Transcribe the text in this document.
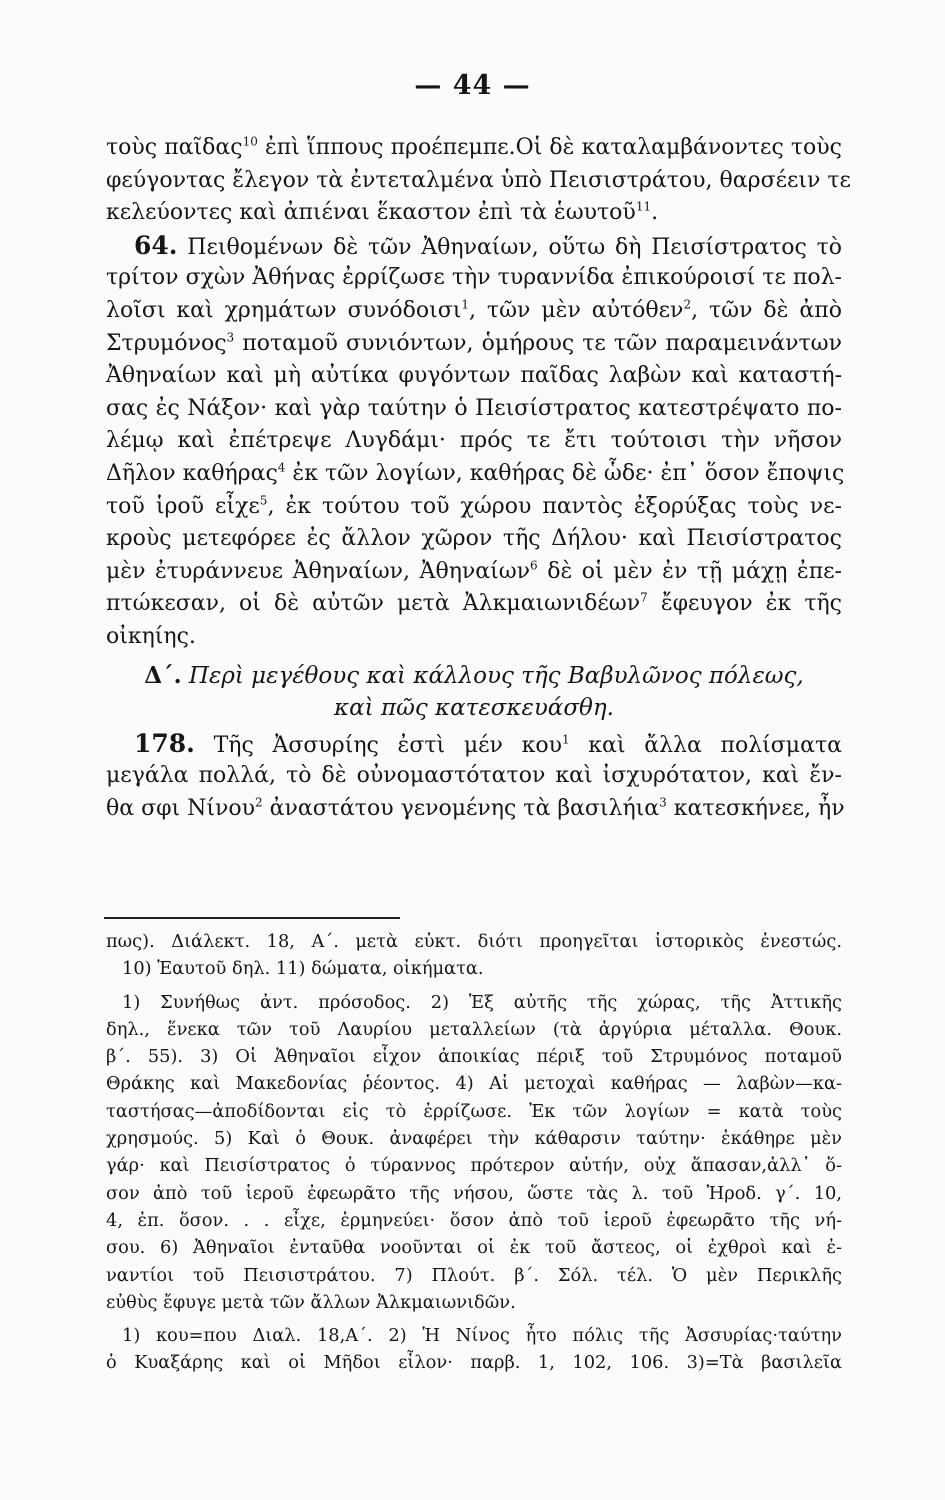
— 44 —
τοὺς παῖδας$^{10}$ ἐπὶ ἵππους προέπεμπε.Οἱ δὲ καταλαμβάνοντες τοὺς
φεύγοντας ἔλεγον τὰ ἐντεταλμένα ὑπὸ Πεισιστράτου, θαρσέειν τε
κελεύοντες καὶ ἀπιέναι ἕκαστον ἐπὶ τὰ ἑωυτοῦ$^{11}$.
64. Πειθομένων δὲ τῶν Ἀθηναίων, οὕτω δὴ Πεισίστρατος τὸ
τρίτον σχὼν Ἀθήνας ἐρρίζωσε τὴν τυραννίδα ἐπικούροισί τε πολ-
λοῖσι καὶ χρημάτων συνόδοισι$^1$, τῶν μὲν αὐτόθεν$^2$, τῶν δὲ ἀπὸ
Στρυμόνος$^3$ ποταμοῦ συνιόντων, ὁμήρους τε τῶν παραμεινάντων
Ἀθηναίων καὶ μὴ αὐτίκα φυγόντων παῖδας λαβὼν καὶ καταστή-
σας ἐς Νάξον· καὶ γὰρ ταύτην ὁ Πεισίστρατος κατεστρέψατο πο-
λέμῳ καὶ ἐπέτρεψε Λυγδάμι· πρός τε ἔτι τούτοισι τὴν νῆσον
Δῆλον καθήρας$^4$ ἐκ τῶν λογίων, καθήρας δὲ ὧδε· ἐπ᾽ ὅσον ἔποψις
τοῦ ἱροῦ εἶχε$^5$, ἐκ τούτου τοῦ χώρου παντὸς ἐξορύξας τοὺς νε-
κροὺς μετεφόρεε ἐς ἄλλον χῶρον τῆς Δήλου· καὶ Πεισίστρατος
μὲν ἐτυράννευε Ἀθηναίων, Ἀθηναίων$^6$ δὲ οἱ μὲν ἐν τῇ μάχῃ ἐπε-
πτώκεσαν, οἱ δὲ αὐτῶν μετὰ Ἀλκμαιωνιδέων$^7$ ἔφευγον ἐκ τῆς
οἰκηίης.
Δ΄. Περὶ μεγέθους καὶ κάλλους τῆς Βαβυλῶνος πόλεως,
καὶ πῶς κατεσκευάσθη.
178. Τῆς Ἀσσυρίης ἐστὶ μέν κου$^1$ καὶ ἄλλα πολίσματα
μεγάλα πολλά, τὸ δὲ οὐνομαστότατον καὶ ἰσχυρότατον, καὶ ἔν-
θα σφι Νίνου$^2$ ἀναστάτου γενομένης τὰ βασιλήια$^3$ κατεσκήνεε, ἦν
πως). Διάλεκτ. 18, Α΄. μετὰ εὐκτ. διότι προηγεῖται ἱστορικὸς ἐνεστώς.
10) Ἑαυτοῦ δηλ. 11) δώματα, οἰκήματα.
1) Συνήθως ἀντ. πρόσοδος. 2) Ἐξ αὐτῆς τῆς χώρας, τῆς Ἀττικῆς
δηλ., ἕνεκα τῶν τοῦ Λαυρίου μεταλλείων (τὰ ἀργύρια μέταλλα. Θουκ.
β΄. 55). 3) Οἱ Ἀθηναῖοι εἶχον ἀποικίας πέριξ τοῦ Στρυμόνος ποταμοῦ
Θράκης καὶ Μακεδονίας ῥέοντος. 4) Αἱ μετοχαὶ καθήρας — λαβὼν—κα-
ταστήσας—ἀποδίδονται εἰς τὸ ἐρρίζωσε. Ἐκ τῶν λογίων = κατὰ τοὺς
χρησμούς. 5) Καὶ ὁ Θουκ. ἀναφέρει τὴν κάθαρσιν ταύτην· ἐκάθηρε μὲν
γάρ· καὶ Πεισίστρατος ὁ τύραννος πρότερον αὐτήν, οὐχ ἅπασαν,ἀλλ᾽ ὅ-
σον ἀπὸ τοῦ ἱεροῦ ἐφεωρᾶτο τῆς νήσου, ὥστε τὰς λ. τοῦ Ἡροδ. γ΄. 10,
4, ἐπ. ὅσον. . . εἶχε, ἑρμηνεύει· ὅσον ἀπὸ τοῦ ἱεροῦ ἐφεωρᾶτο τῆς νή-
σου. 6) Ἀθηναῖοι ἐνταῦθα νοοῦνται οἱ ἐκ τοῦ ἄστεος, οἱ ἐχθροὶ καὶ ἐ-
ναντίοι τοῦ Πεισιστράτου. 7) Πλούτ. β΄. Σόλ. τέλ. Ὁ μὲν Περικλῆς
εὐθὺς ἔφυγε μετὰ τῶν ἄλλων Ἀλκμαιωνιδῶν.
1) κου=που Διαλ. 18,Α΄. 2) Ἡ Νίνος ἦτο πόλις τῆς Ἀσσυρίας·ταύτην
ὁ Κυαξάρης καὶ οἱ Μῆδοι εἶλον· παρβ. 1, 102, 106. 3)=Τὰ βασιλεῖα
